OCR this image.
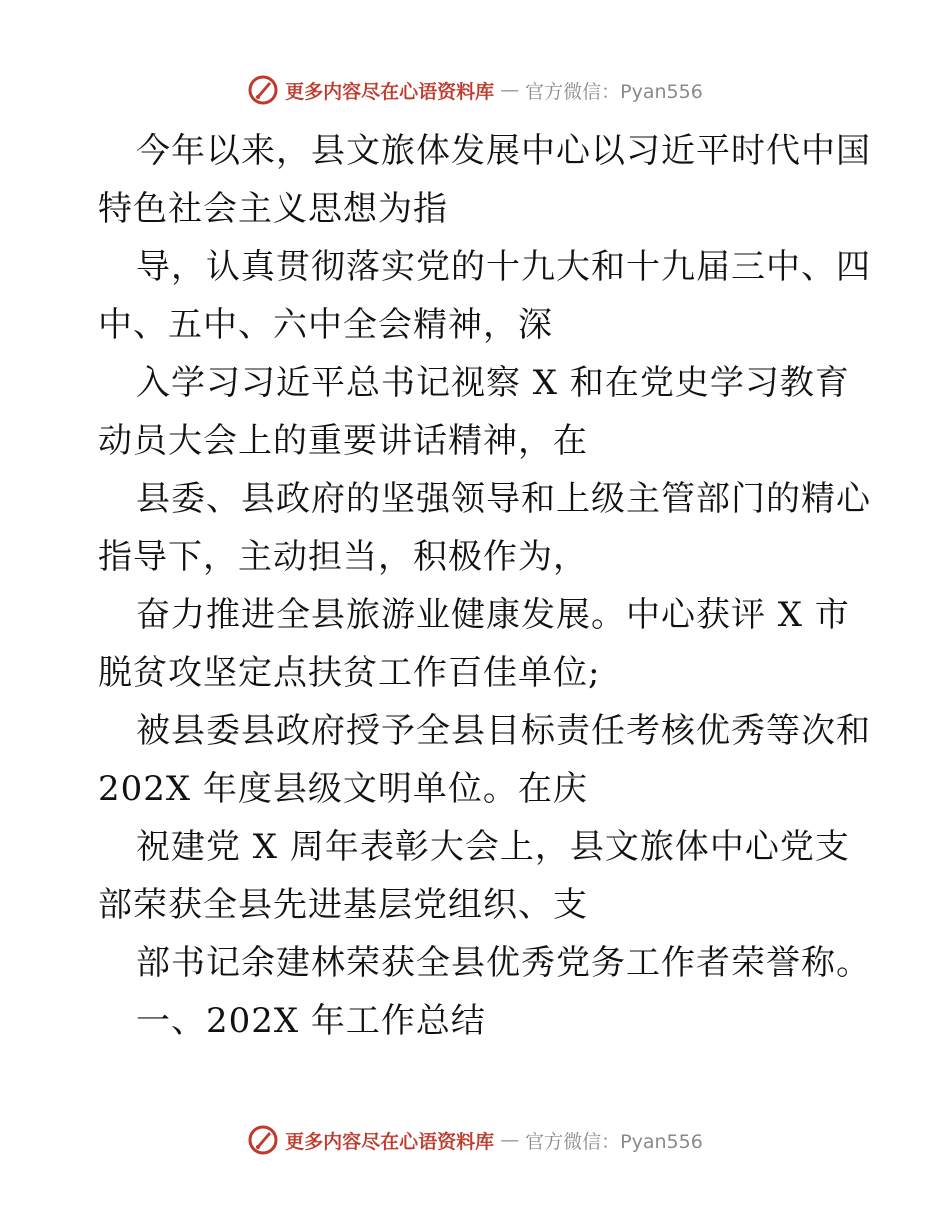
更多内容尽在心语资料库 — 官方微信：Pyan556
今年以来，县文旅体发展中心以习近平时代中国
特色社会主义思想为指
导，认真贯彻落实党的十九大和十九届三中、四
中、五中、六中全会精神，深
入学习习近平总书记视察 X 和在党史学习教育
动员大会上的重要讲话精神，在
县委、县政府的坚强领导和上级主管部门的精心
指导下，主动担当，积极作为，
奋力推进全县旅游业健康发展。中心获评 X 市
脱贫攻坚定点扶贫工作百佳单位;
被县委县政府授予全县目标责任考核优秀等次和
202X 年度县级文明单位。在庆
祝建党 X 周年表彰大会上，县文旅体中心党支
部荣获全县先进基层党组织、支
部书记余建林荣获全县优秀党务工作者荣誉称。
一、202X 年工作总结
更多内容尽在心语资料库 — 官方微信：Pyan556
